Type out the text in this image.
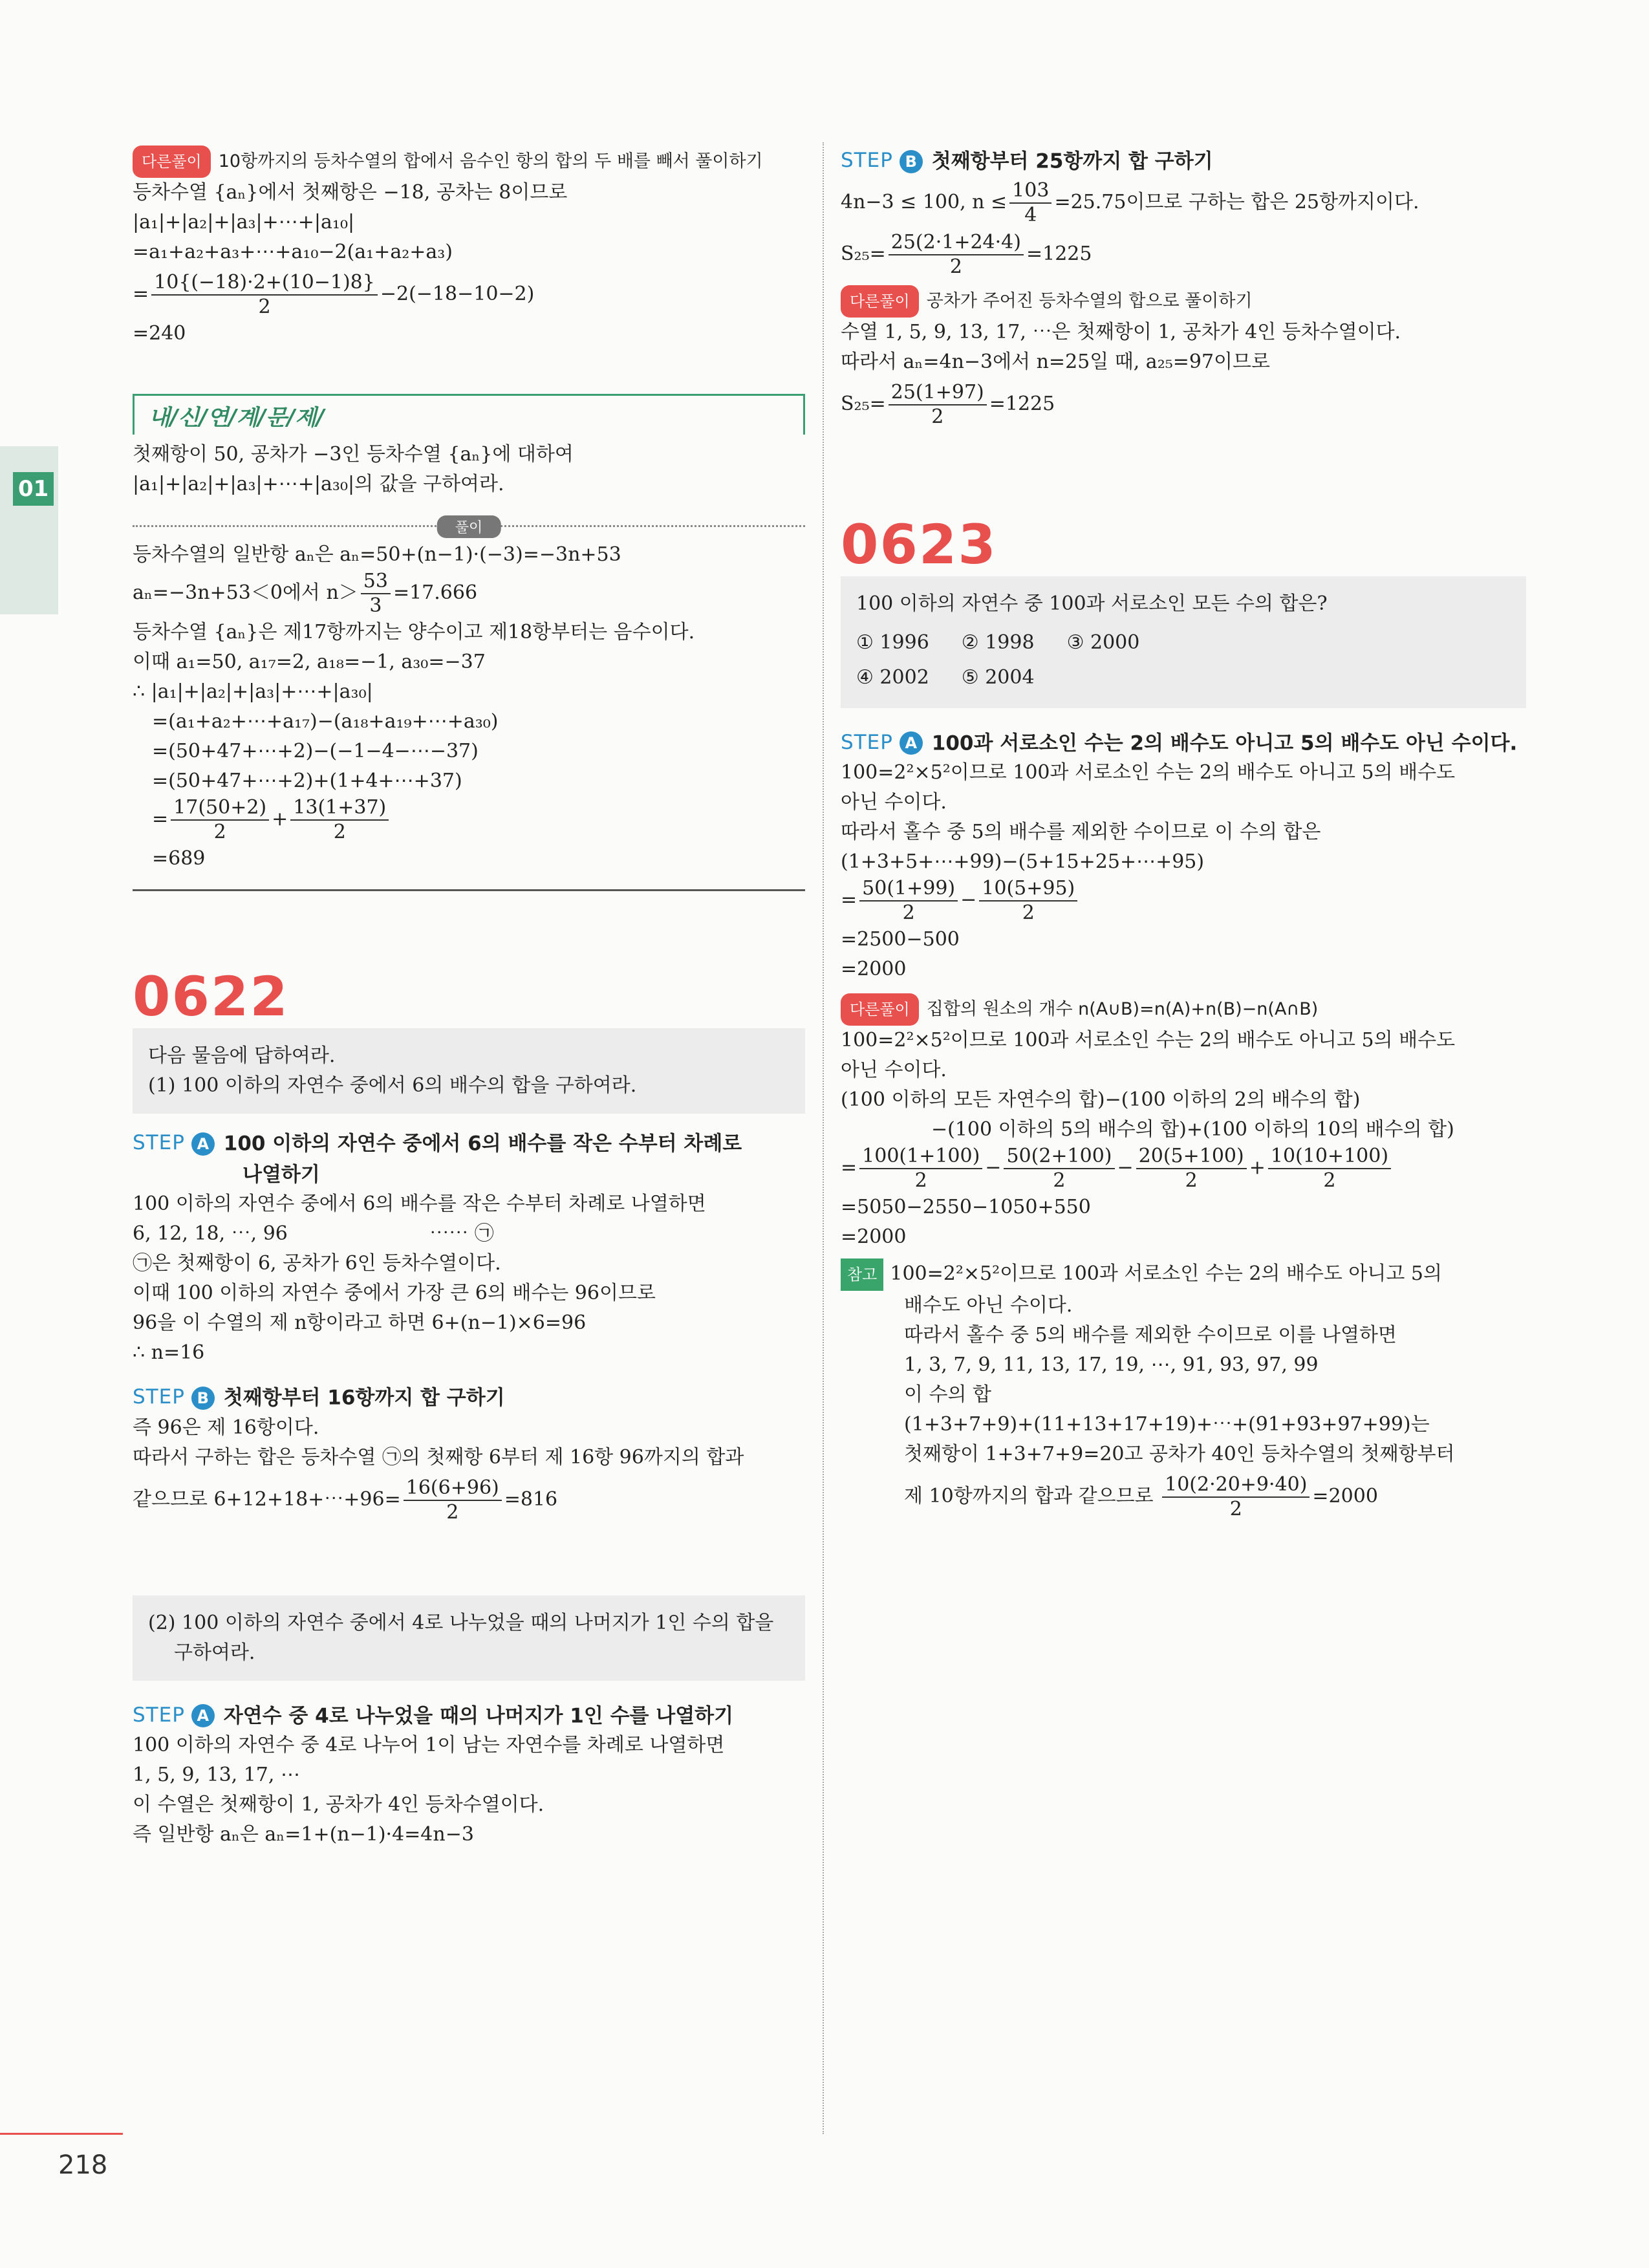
01
다른풀이 10항까지의 등차수열의 합에서 음수인 항의 합의 두 배를 빼서 풀이하기
등차수열 {aₙ}에서 첫째항은 −18, 공차는 8이므로
|a₁|+|a₂|+|a₃|+⋯+|a₁₀|
=a₁+a₂+a₃+⋯+a₁₀−2(a₁+a₂+a₃)
= $\frac{10\{(-18)\cdot 2+(10-1)8\}}{2} -2(-18-10-2)$
=240
내/신/연/계/문/제/
첫째항이 50, 공차가 −3인 등차수열 {aₙ}에 대하여
|a₁|+|a₂|+|a₃|+⋯+|a₃₀|의 값을 구하여라.
풀이
등차수열의 일반항 aₙ은 aₙ=50+(n−1)·(−3)=−3n+53
aₙ=−3n+53＜0에서 $n> \frac{53}{3} =17.666$
등차수열 {aₙ}은 제17항까지는 양수이고 제18항부터는 음수이다.
이때 a₁=50, a₁₇=2, a₁₈=−1, a₃₀=−37
∴ |a₁|+|a₂|+|a₃|+⋯+|a₃₀|
=(a₁+a₂+⋯+a₁₇)−(a₁₈+a₁₉+⋯+a₃₀)
=(50+47+⋯+2)−(−1−4−⋯−37)
=(50+47+⋯+2)+(1+4+⋯+37)
= $\frac{17(50+2)}{2} + \frac{13(1+37)}{2}$
=689
0622
다음 물음에 답하여라.
(1) 100 이하의 자연수 중에서 6의 배수의 합을 구하여라.
STEP A 100 이하의 자연수 중에서 6의 배수를 작은 수부터 차례로
나열하기
100 이하의 자연수 중에서 6의 배수를 작은 수부터 차례로 나열하면
6, 12, 18, ⋯, 96                       ⋯⋯ ㉠
㉠은 첫째항이 6, 공차가 6인 등차수열이다.
이때 100 이하의 자연수 중에서 가장 큰 6의 배수는 96이므로
96을 이 수열의 제 n항이라고 하면 6+(n−1)×6=96
∴ n=16
STEP B 첫째항부터 16항까지 합 구하기
즉 96은 제 16항이다.
따라서 구하는 합은 등차수열 ㉠의 첫째항 6부터 제 16항 96까지의 합과
같으므로 6+12+18+⋯+96= $\frac{16(6+96)}{2} =816$
(2) 100 이하의 자연수 중에서 4로 나누었을 때의 나머지가 1인 수의 합을
구하여라.
STEP A 자연수 중 4로 나누었을 때의 나머지가 1인 수를 나열하기
100 이하의 자연수 중 4로 나누어 1이 남는 자연수를 차례로 나열하면
1, 5, 9, 13, 17, ⋯
이 수열은 첫째항이 1, 공차가 4인 등차수열이다.
즉 일반항 aₙ은 aₙ=1+(n−1)·4=4n−3
STEP B 첫째항부터 25항까지 합 구하기
4n−3 ≤ 100, $n \le \frac{103}{4} =25.75$이므로 구하는 합은 25항까지이다.
$S_{25}= \frac{25(2\cdot 1+24\cdot 4)}{2} =1225$
다른풀이 공차가 주어진 등차수열의 합으로 풀이하기
수열 1, 5, 9, 13, 17, ⋯은 첫째항이 1, 공차가 4인 등차수열이다.
따라서 aₙ=4n−3에서 n=25일 때, a₂₅=97이므로
$S_{25}= \frac{25(1+97)}{2} =1225$
0623
100 이하의 자연수 중 100과 서로소인 모든 수의 합은?
① 1996	② 1998	③ 2000
④ 2002	⑤ 2004	
STEP A 100과 서로소인 수는 2의 배수도 아니고 5의 배수도 아닌 수이다.
100=2²×5²이므로 100과 서로소인 수는 2의 배수도 아니고 5의 배수도
아닌 수이다.
따라서 홀수 중 5의 배수를 제외한 수이므로 이 수의 합은
(1+3+5+⋯+99)−(5+15+25+⋯+95)
= $\frac{50(1+99)}{2} - \frac{10(5+95)}{2}$
=2500−500
=2000
다른풀이 집합의 원소의 개수 n(A∪B)=n(A)+n(B)−n(A∩B)
100=2²×5²이므로 100과 서로소인 수는 2의 배수도 아니고 5의 배수도
아닌 수이다.
(100 이하의 모든 자연수의 합)−(100 이하의 2의 배수의 합)
−(100 이하의 5의 배수의 합)+(100 이하의 10의 배수의 합)
= $\frac{100(1+100)}{2} - \frac{50(2+100)}{2} - \frac{20(5+100)}{2} + \frac{10(10+100)}{2}$
=5050−2550−1050+550
=2000
참고 100=2²×5²이므로 100과 서로소인 수는 2의 배수도 아니고 5의
배수도 아닌 수이다.
따라서 홀수 중 5의 배수를 제외한 수이므로 이를 나열하면
1, 3, 7, 9, 11, 13, 17, 19, ⋯, 91, 93, 97, 99
이 수의 합
(1+3+7+9)+(11+13+17+19)+⋯+(91+93+97+99)는
첫째항이 1+3+7+9=20고 공차가 40인 등차수열의 첫째항부터
제 10항까지의 합과 같으므로 $\frac{10(2\cdot 20+9\cdot 40)}{2} =2000$
218
